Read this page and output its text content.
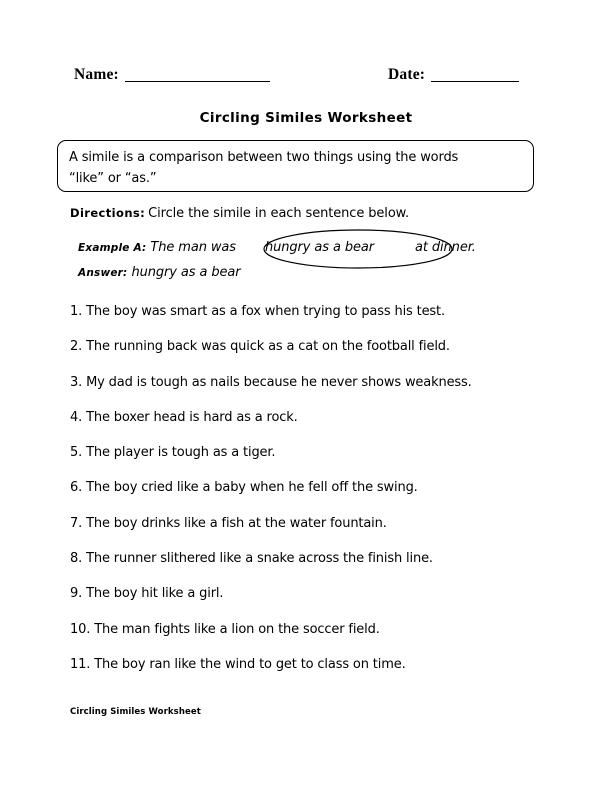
Name:	Date:
Circling Similes Worksheet
A simile is a comparison between two things using the words
“like” or “as.”
Directions: Circle the simile in each sentence below.
Example A: The man was	hungry as a bear	at dinner.
Answer: hungry as a bear
1. The boy was smart as a fox when trying to pass his test.
2. The running back was quick as a cat on the football field.
3. My dad is tough as nails because he never shows weakness.
4. The boxer head is hard as a rock.
5. The player is tough as a tiger.
6. The boy cried like a baby when he fell off the swing.
7. The boy drinks like a fish at the water fountain.
8. The runner slithered like a snake across the finish line.
9. The boy hit like a girl.
10. The man fights like a lion on the soccer field.
11. The boy ran like the wind to get to class on time.
Circling Similes Worksheet
